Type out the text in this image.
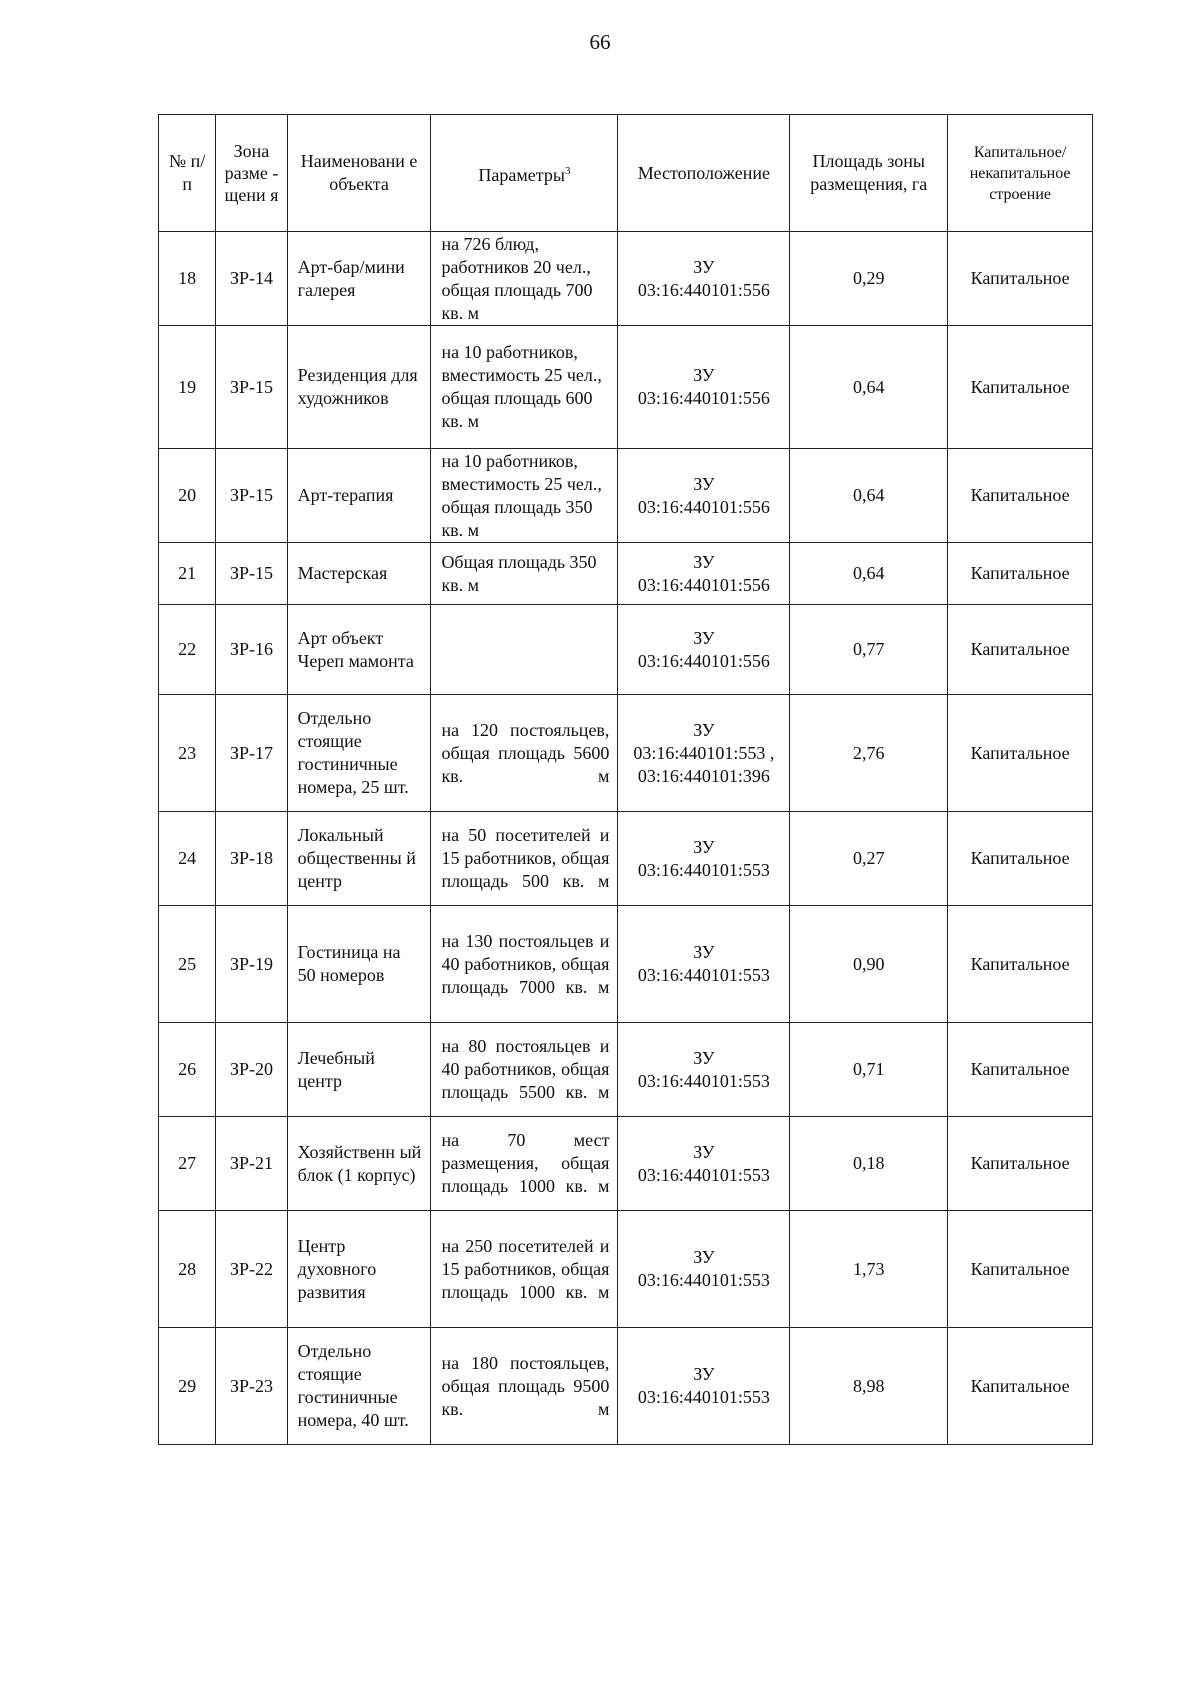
66
№ п/п	Зона разме - щени я	Наименовани е объекта	Параметры$^3$	Местоположение	Площадь зоны размещения, га	Капитальное/ некапитальное строение
18	ЗР-14	Арт-бар/мини галерея	на 726 блюд, работников 20 чел., общая площадь 700 кв. м	ЗУ 03:16:440101:556	0,29	Капитальное
19	ЗР-15	Резиденция для художников	на 10 работников, вместимость 25 чел., общая площадь 600 кв. м	ЗУ 03:16:440101:556	0,64	Капитальное
20	ЗР-15	Арт-терапия	на 10 работников, вместимость 25 чел., общая площадь 350 кв. м	ЗУ 03:16:440101:556	0,64	Капитальное
21	ЗР-15	Мастерская	Общая площадь 350 кв. м	ЗУ 03:16:440101:556	0,64	Капитальное
22	ЗР-16	Арт объект Череп мамонта		ЗУ 03:16:440101:556	0,77	Капитальное
23	ЗР-17	Отдельно стоящие гостиничные номера, 25 шт.	на 120 постояльцев, общая площадь 5600 кв. м	ЗУ 03:16:440101:553 , 03:16:440101:396	2,76	Капитальное
24	ЗР-18	Локальный общественны й центр	на 50 посетителей и 15 работников, общая площадь 500 кв. м	ЗУ 03:16:440101:553	0,27	Капитальное
25	ЗР-19	Гостиница на 50 номеров	на 130 постояльцев и 40 работников, общая площадь 7000 кв. м	ЗУ 03:16:440101:553	0,90	Капитальное
26	ЗР-20	Лечебный центр	на 80 постояльцев и 40 работников, общая площадь 5500 кв. м	ЗУ 03:16:440101:553	0,71	Капитальное
27	ЗР-21	Хозяйственн ый блок (1 корпус)	на 70 мест размещения, общая площадь 1000 кв. м	ЗУ 03:16:440101:553	0,18	Капитальное
28	ЗР-22	Центр духовного развития	на 250 посетителей и 15 работников, общая площадь 1000 кв. м	ЗУ 03:16:440101:553	1,73	Капитальное
29	ЗР-23	Отдельно стоящие гостиничные номера, 40 шт.	на 180 постояльцев, общая площадь 9500 кв. м	ЗУ 03:16:440101:553	8,98	Капитальное
